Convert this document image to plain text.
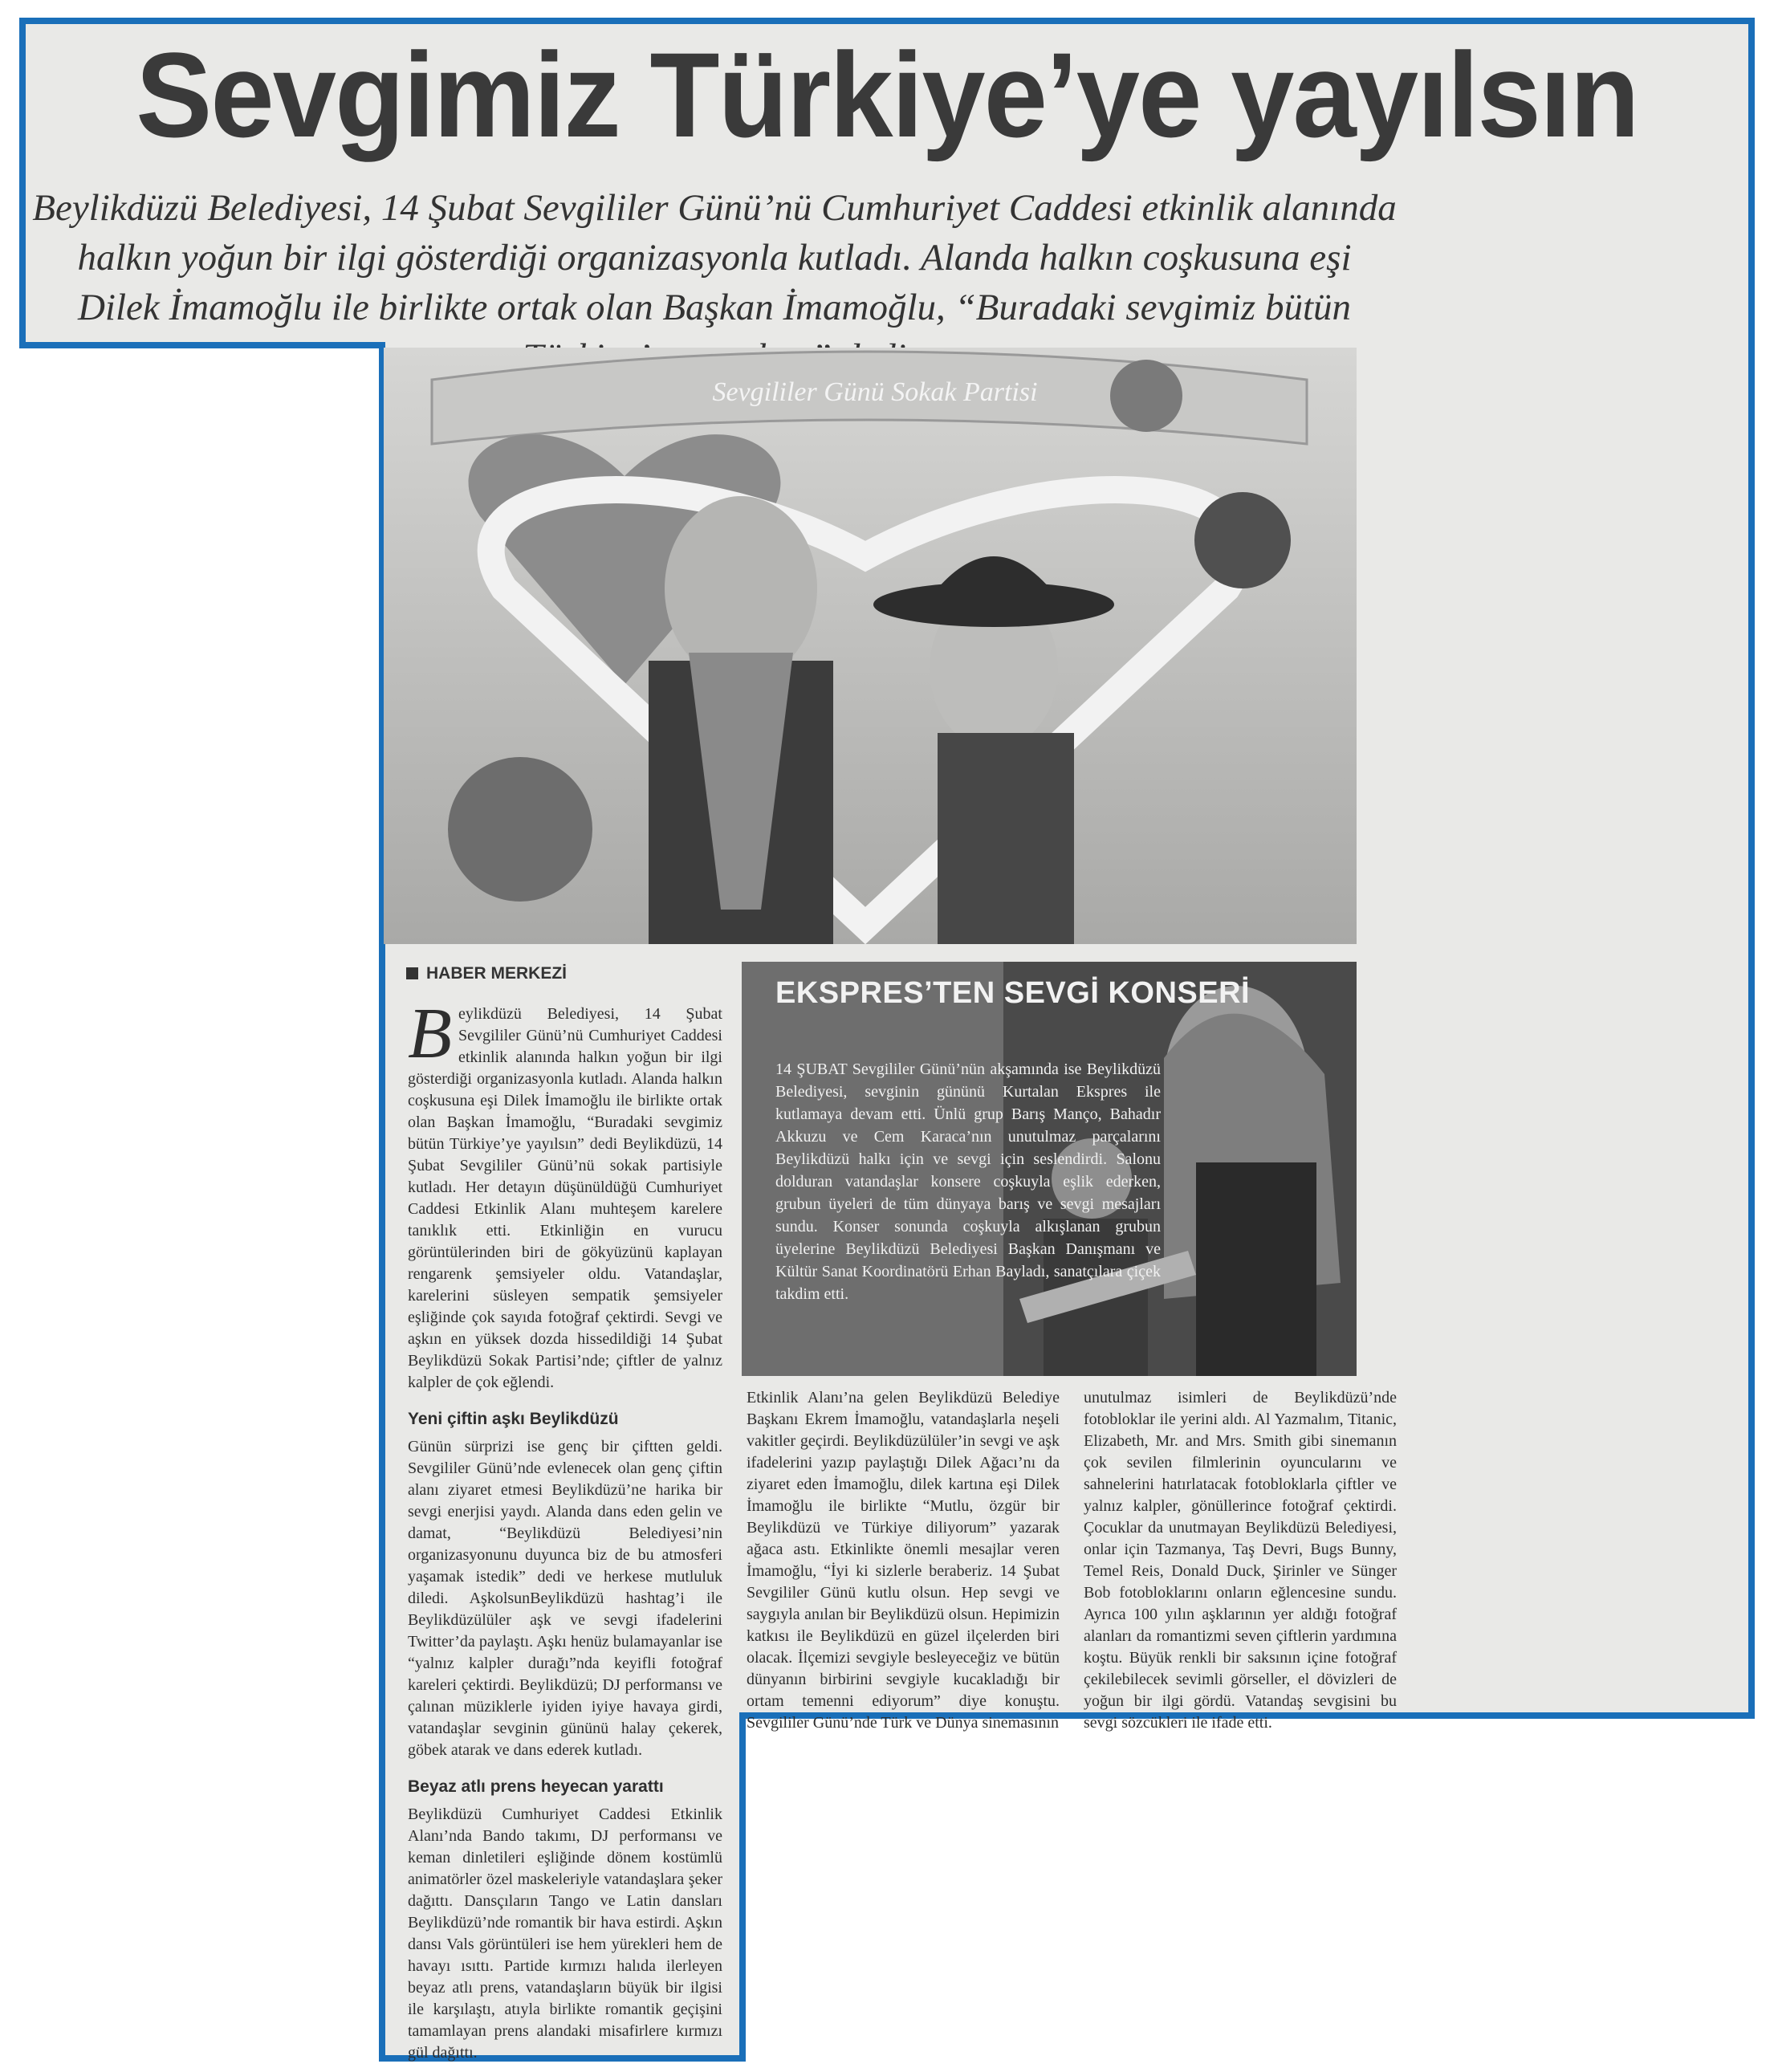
Sevgimiz Türkiye’ye yayılsın
Beylikdüzü Belediyesi, 14 Şubat Sevgililer Günü’nü Cumhuriyet Caddesi etkinlik alanında halkın yoğun bir ilgi gösterdiği organizasyonla kutladı. Alanda halkın coşkusuna eşi Dilek İmamoğlu ile birlikte ortak olan Başkan İmamoğlu, “Buradaki sevgimiz bütün
Sevgililer Günü Sokak Partisi
HABER MERKEZİ

Beylikdüzü Belediyesi, 14 Şubat Sevgililer Günü’nü Cumhuriyet Caddesi etkinlik alanında halkın yoğun bir ilgi gösterdiği organizasyonla kutladı. Alanda halkın coşkusuna eşi Dilek İmamoğlu ile birlikte ortak olan Başkan İmamoğlu, “Buradaki sevgimiz bütün Türkiye’ye yayılsın” dedi Beylikdüzü, 14 Şubat Sevgililer Günü’nü sokak partisiyle kutladı. Her detayın düşünüldüğü Cumhuriyet Caddesi Etkinlik Alanı muhteşem karelere tanıklık etti. Etkinliğin en vurucu görüntülerinden biri de gökyüzünü kaplayan rengarenk şemsiyeler oldu. Vatandaşlar, karelerini süsleyen sempatik şemsiyeler eşliğinde çok sayıda fotoğraf çektirdi. Sevgi ve aşkın en yüksek dozda hissedildiği 14 Şubat Beylikdüzü Sokak Partisi’nde; çiftler de yalnız kalpler de çok eğlendi.

Yeni çiftin aşkı Beylikdüzü

Günün sürprizi ise genç bir çiftten geldi. Sevgililer Günü’nde evlenecek olan genç çiftin alanı ziyaret etmesi Beylikdüzü’ne harika bir sevgi enerjisi yaydı. Alanda dans eden gelin ve damat, “Beylikdüzü Belediyesi’nin organizasyonunu duyunca biz de bu atmosferi yaşamak istedik” dedi ve herkese mutluluk diledi. AşkolsunBeylikdüzü hashtag’i ile Beylikdüzülüler aşk ve sevgi ifadelerini Twitter’da paylaştı. Aşkı henüz bulamayanlar ise “yalnız kalpler durağı”nda keyifli fotoğraf kareleri çektirdi. Beylikdüzü; DJ performansı ve çalınan müziklerle iyiden iyiye havaya girdi, vatandaşlar sevginin gününü halay çekerek, göbek atarak ve dans ederek kutladı.

Beyaz atlı prens heyecan yarattı

Beylikdüzü Cumhuriyet Caddesi Etkinlik Alanı’nda Bando takımı, DJ performansı ve keman dinletileri eşliğinde dönem kostümlü animatörler özel maskeleriyle vatandaşlara şeker dağıttı. Dansçıların Tango ve Latin dansları Beylikdüzü’nde romantik bir hava estirdi. Aşkın dansı Vals görüntüleri ise hem yürekleri hem de havayı ısıttı. Partide kırmızı halıda ilerleyen beyaz atlı prens, vatandaşların büyük bir ilgisi ile karşılaştı, atıyla birlikte romantik geçişini tamamlayan prens alandaki misafirlere kırmızı gül dağıttı.

EKSPRES’TEN SEVGİ KONSERİ
14 ŞUBAT Sevgililer Günü’nün akşamında ise Beylikdüzü Belediyesi, sevginin gününü Kurtalan Ekspres ile kutlamaya devam etti. Ünlü grup Barış Manço, Bahadır Akkuzu ve Cem Karaca’nın unutulmaz parçalarını Beylikdüzü halkı için ve sevgi için seslendirdi. Salonu dolduran vatandaşlar konsere coşkuyla eşlik ederken, grubun üyeleri de tüm dünyaya barış ve sevgi mesajları sundu. Konser sonunda coşkuyla alkışlanan grubun üyelerine Beylikdüzü Belediyesi Başkan Danışmanı ve Kültür Sanat Koordinatörü Erhan Bayladı, sanatçılara çiçek takdim etti.

Etkinlik Alanı’na gelen Beylikdüzü Belediye Başkanı Ekrem İmamoğlu, vatandaşlarla neşeli vakitler geçirdi. Beylikdüzülüler’in sevgi ve aşk ifadelerini yazıp paylaştığı Dilek Ağacı’nı da ziyaret eden İmamoğlu, dilek kartına eşi Dilek İmamoğlu ile birlikte “Mutlu, özgür bir Beylikdüzü ve Türkiye diliyorum” yazarak ağaca astı. Etkinlikte önemli mesajlar veren İmamoğlu, “İyi ki sizlerle beraberiz. 14 Şubat Sevgililer Günü kutlu olsun. Hep sevgi ve saygıyla anılan bir Beylikdüzü olsun. Hepimizin katkısı ile Beylikdüzü en güzel ilçelerden biri olacak. İlçemizi sevgiyle besleyeceğiz ve bütün dünyanın birbirini sevgiyle kucakladığı bir ortam temenni ediyorum” diye konuştu. Sevgililer Günü’nde Türk ve Dünya sinemasının

unutulmaz isimleri de Beylikdüzü’nde fotobloklar ile yerini aldı. Al Yazmalım, Titanic, Elizabeth, Mr. and Mrs. Smith gibi sinemanın çok sevilen filmlerinin oyuncularını ve sahnelerini hatırlatacak fotobloklarla çiftler ve yalnız kalpler, gönüllerince fotoğraf çektirdi. Çocuklar da unutmayan Beylikdüzü Belediyesi, onlar için Tazmanya, Taş Devri, Bugs Bunny, Temel Reis, Donald Duck, Şirinler ve Sünger Bob fotobloklarını onların eğlencesine sundu. Ayrıca 100 yılın aşklarının yer aldığı fotoğraf alanları da romantizmi seven çiftlerin yardımına koştu. Büyük renkli bir saksının içine fotoğraf çekilebilecek sevimli görseller, el dövizleri de yoğun bir ilgi gördü. Vatandaş sevgisini bu sevgi sözcükleri ile ifade etti.
